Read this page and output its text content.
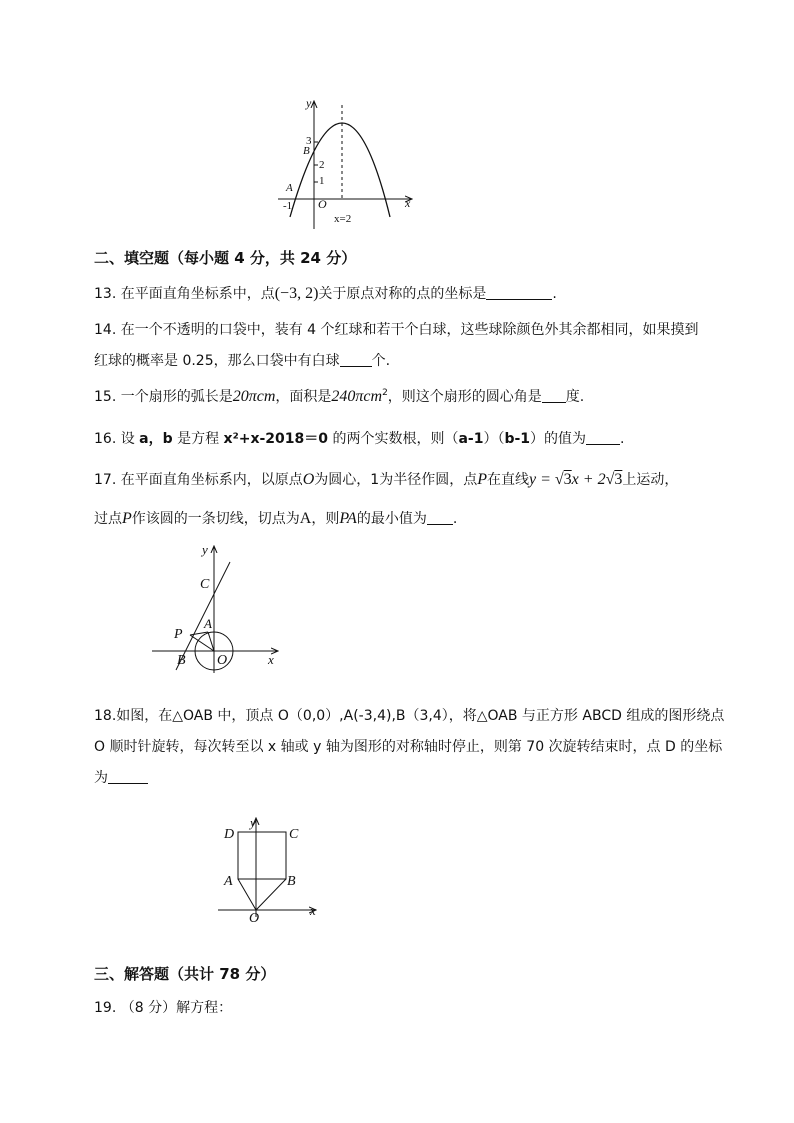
y
3
B
2
1
A
-1 O	x
x=2
二、填空题（每小题 4 分，共 24 分）
13. 在平面直角坐标系中，点(−3, 2)关于原点对称的点的坐标是	.
14. 在一个不透明的口袋中，装有 4 个红球和若干个白球，这些球除颜色外其余都相同，如果摸到
红球的概率是 0.25，那么口袋中有白球 个.
15. 一个扇形的弧长是20πcm，面积是240πcm$^2$，则这个扇形的圆心角是 度.
16. 设 a，b 是方程 x²+x-2018＝0 的两个实数根，则（a-1）（b-1）的值为 .
17. 在平面直角坐标系内，以原点O为圆心，1为半径作圆，点P在直线y = √3x + 2√3上运动，
过点P作该圆的一条切线，切点为A，则PA的最小值为 .
y
C
A
P
B O	x
18.如图，在△OAB 中，顶点 O（0,0）,A(-3,4),B（3,4），将△OAB 与正方形 ABCD 组成的图形绕点
O 顺时针旋转，每次转至以 x 轴或 y 轴为图形的对称轴时停止，则第 70 次旋转结束时，点 D 的坐标
为
D
y
C
A	B
O
x
三、解答题（共计 78 分）
19. （8 分）解方程：
